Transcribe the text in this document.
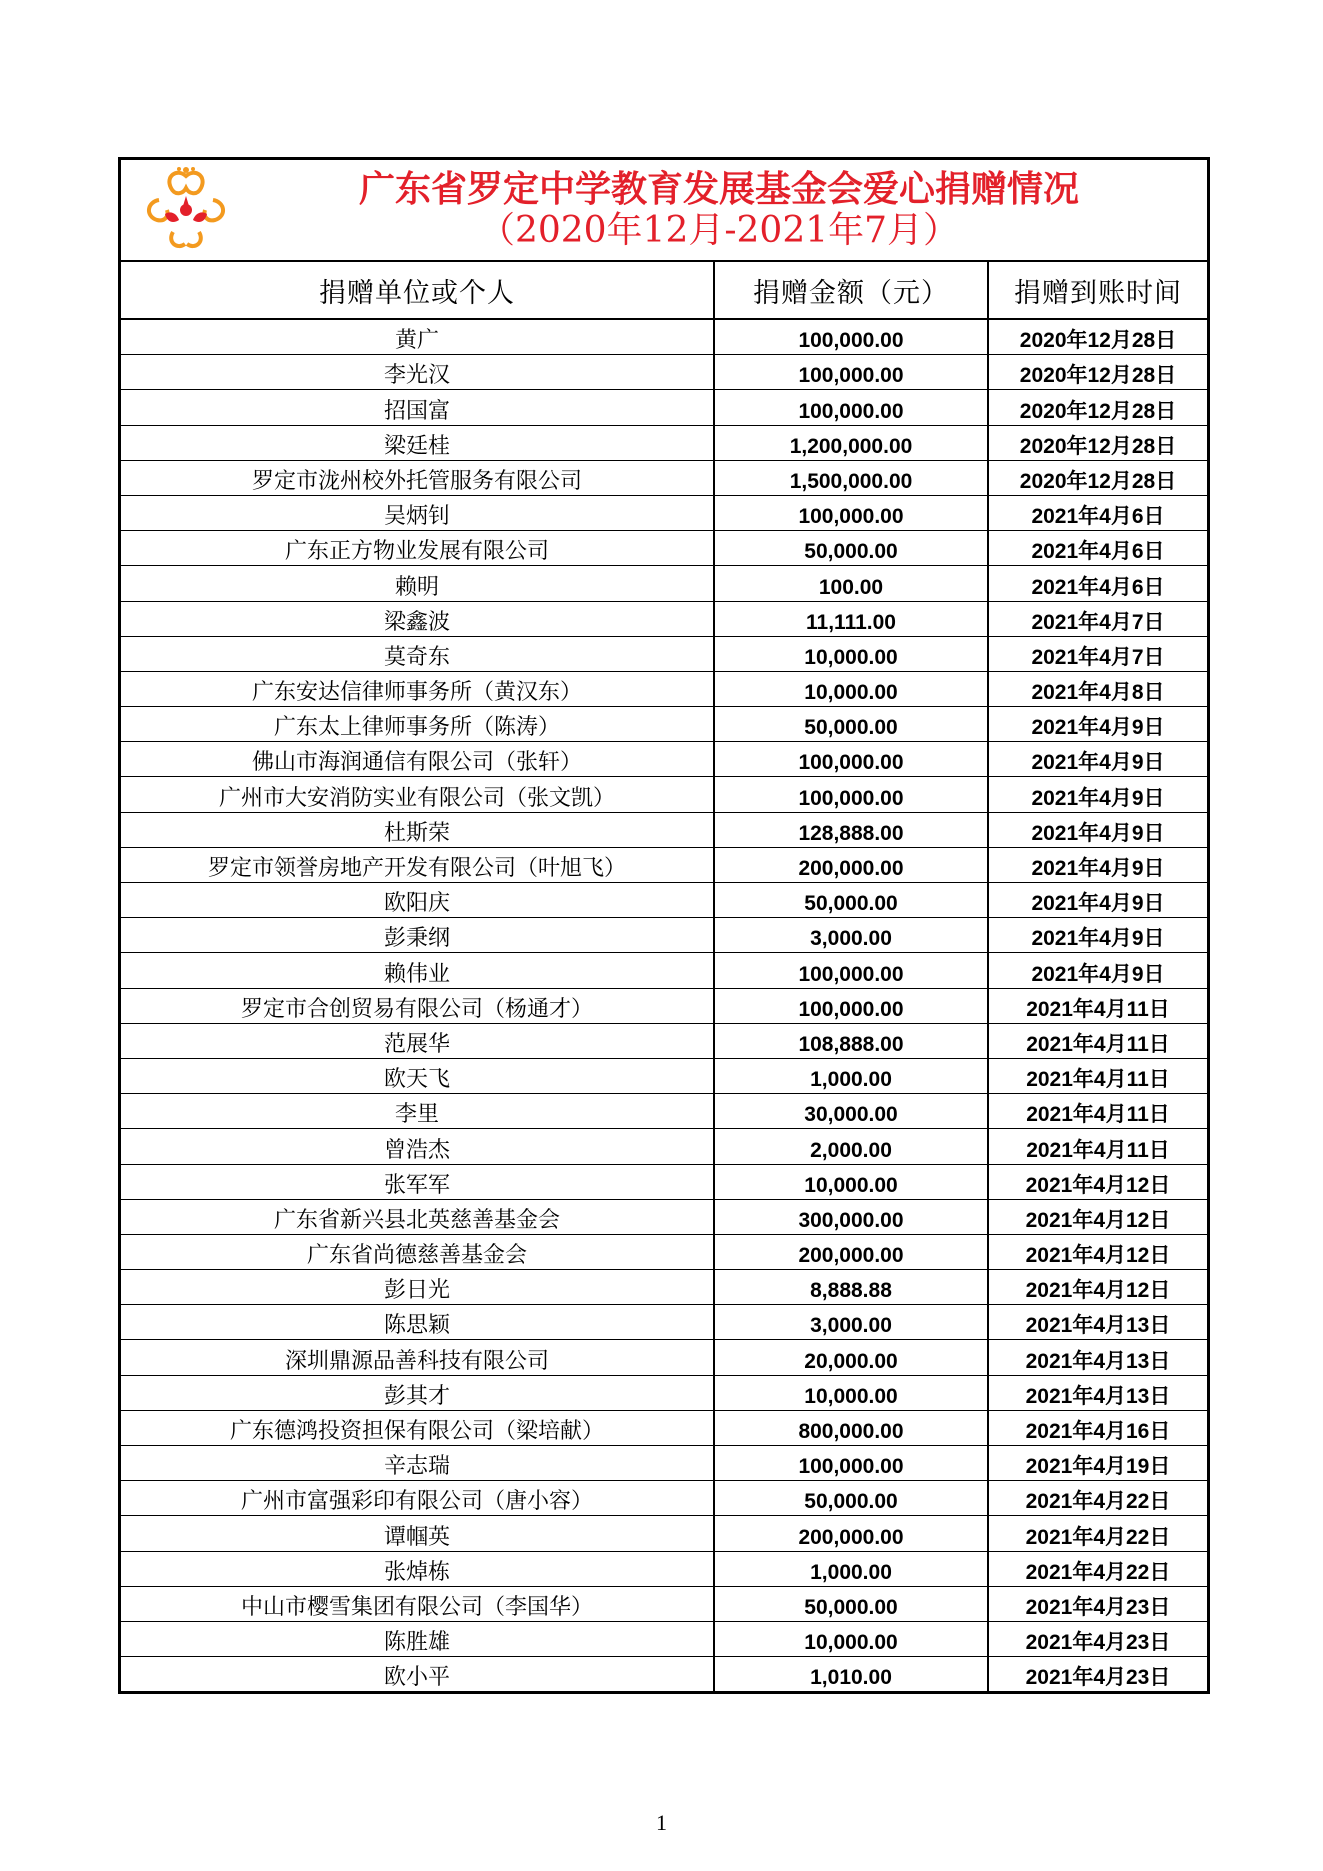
广东省罗定中学教育发展基金会爱心捐赠情况
（2020年12月-2021年7月）
捐赠单位或个人	捐赠金额（元）	捐赠到账时间
黄广	100,000.00	2020年12月28日
李光汉	100,000.00	2020年12月28日
招国富	100,000.00	2020年12月28日
梁廷桂	1,200,000.00	2020年12月28日
罗定市泷州校外托管服务有限公司	1,500,000.00	2020年12月28日
吴炳钊	100,000.00	2021年4月6日
广东正方物业发展有限公司	50,000.00	2021年4月6日
赖明	100.00	2021年4月6日
梁鑫波	11,111.00	2021年4月7日
莫奇东	10,000.00	2021年4月7日
广东安达信律师事务所（黄汉东）	10,000.00	2021年4月8日
广东太上律师事务所（陈涛）	50,000.00	2021年4月9日
佛山市海润通信有限公司（张轩）	100,000.00	2021年4月9日
广州市大安消防实业有限公司（张文凯）	100,000.00	2021年4月9日
杜斯荣	128,888.00	2021年4月9日
罗定市领誉房地产开发有限公司（叶旭飞）	200,000.00	2021年4月9日
欧阳庆	50,000.00	2021年4月9日
彭秉纲	3,000.00	2021年4月9日
赖伟业	100,000.00	2021年4月9日
罗定市合创贸易有限公司（杨通才）	100,000.00	2021年4月11日
范展华	108,888.00	2021年4月11日
欧天飞	1,000.00	2021年4月11日
李里	30,000.00	2021年4月11日
曾浩杰	2,000.00	2021年4月11日
张军军	10,000.00	2021年4月12日
广东省新兴县北英慈善基金会	300,000.00	2021年4月12日
广东省尚德慈善基金会	200,000.00	2021年4月12日
彭日光	8,888.88	2021年4月12日
陈思颖	3,000.00	2021年4月13日
深圳鼎源品善科技有限公司	20,000.00	2021年4月13日
彭其才	10,000.00	2021年4月13日
广东德鸿投资担保有限公司（梁培献）	800,000.00	2021年4月16日
辛志瑞	100,000.00	2021年4月19日
广州市富强彩印有限公司（唐小容）	50,000.00	2021年4月22日
谭帼英	200,000.00	2021年4月22日
张焯栋	1,000.00	2021年4月22日
中山市樱雪集团有限公司（李国华）	50,000.00	2021年4月23日
陈胜雄	10,000.00	2021年4月23日
欧小平	1,010.00	2021年4月23日
1
